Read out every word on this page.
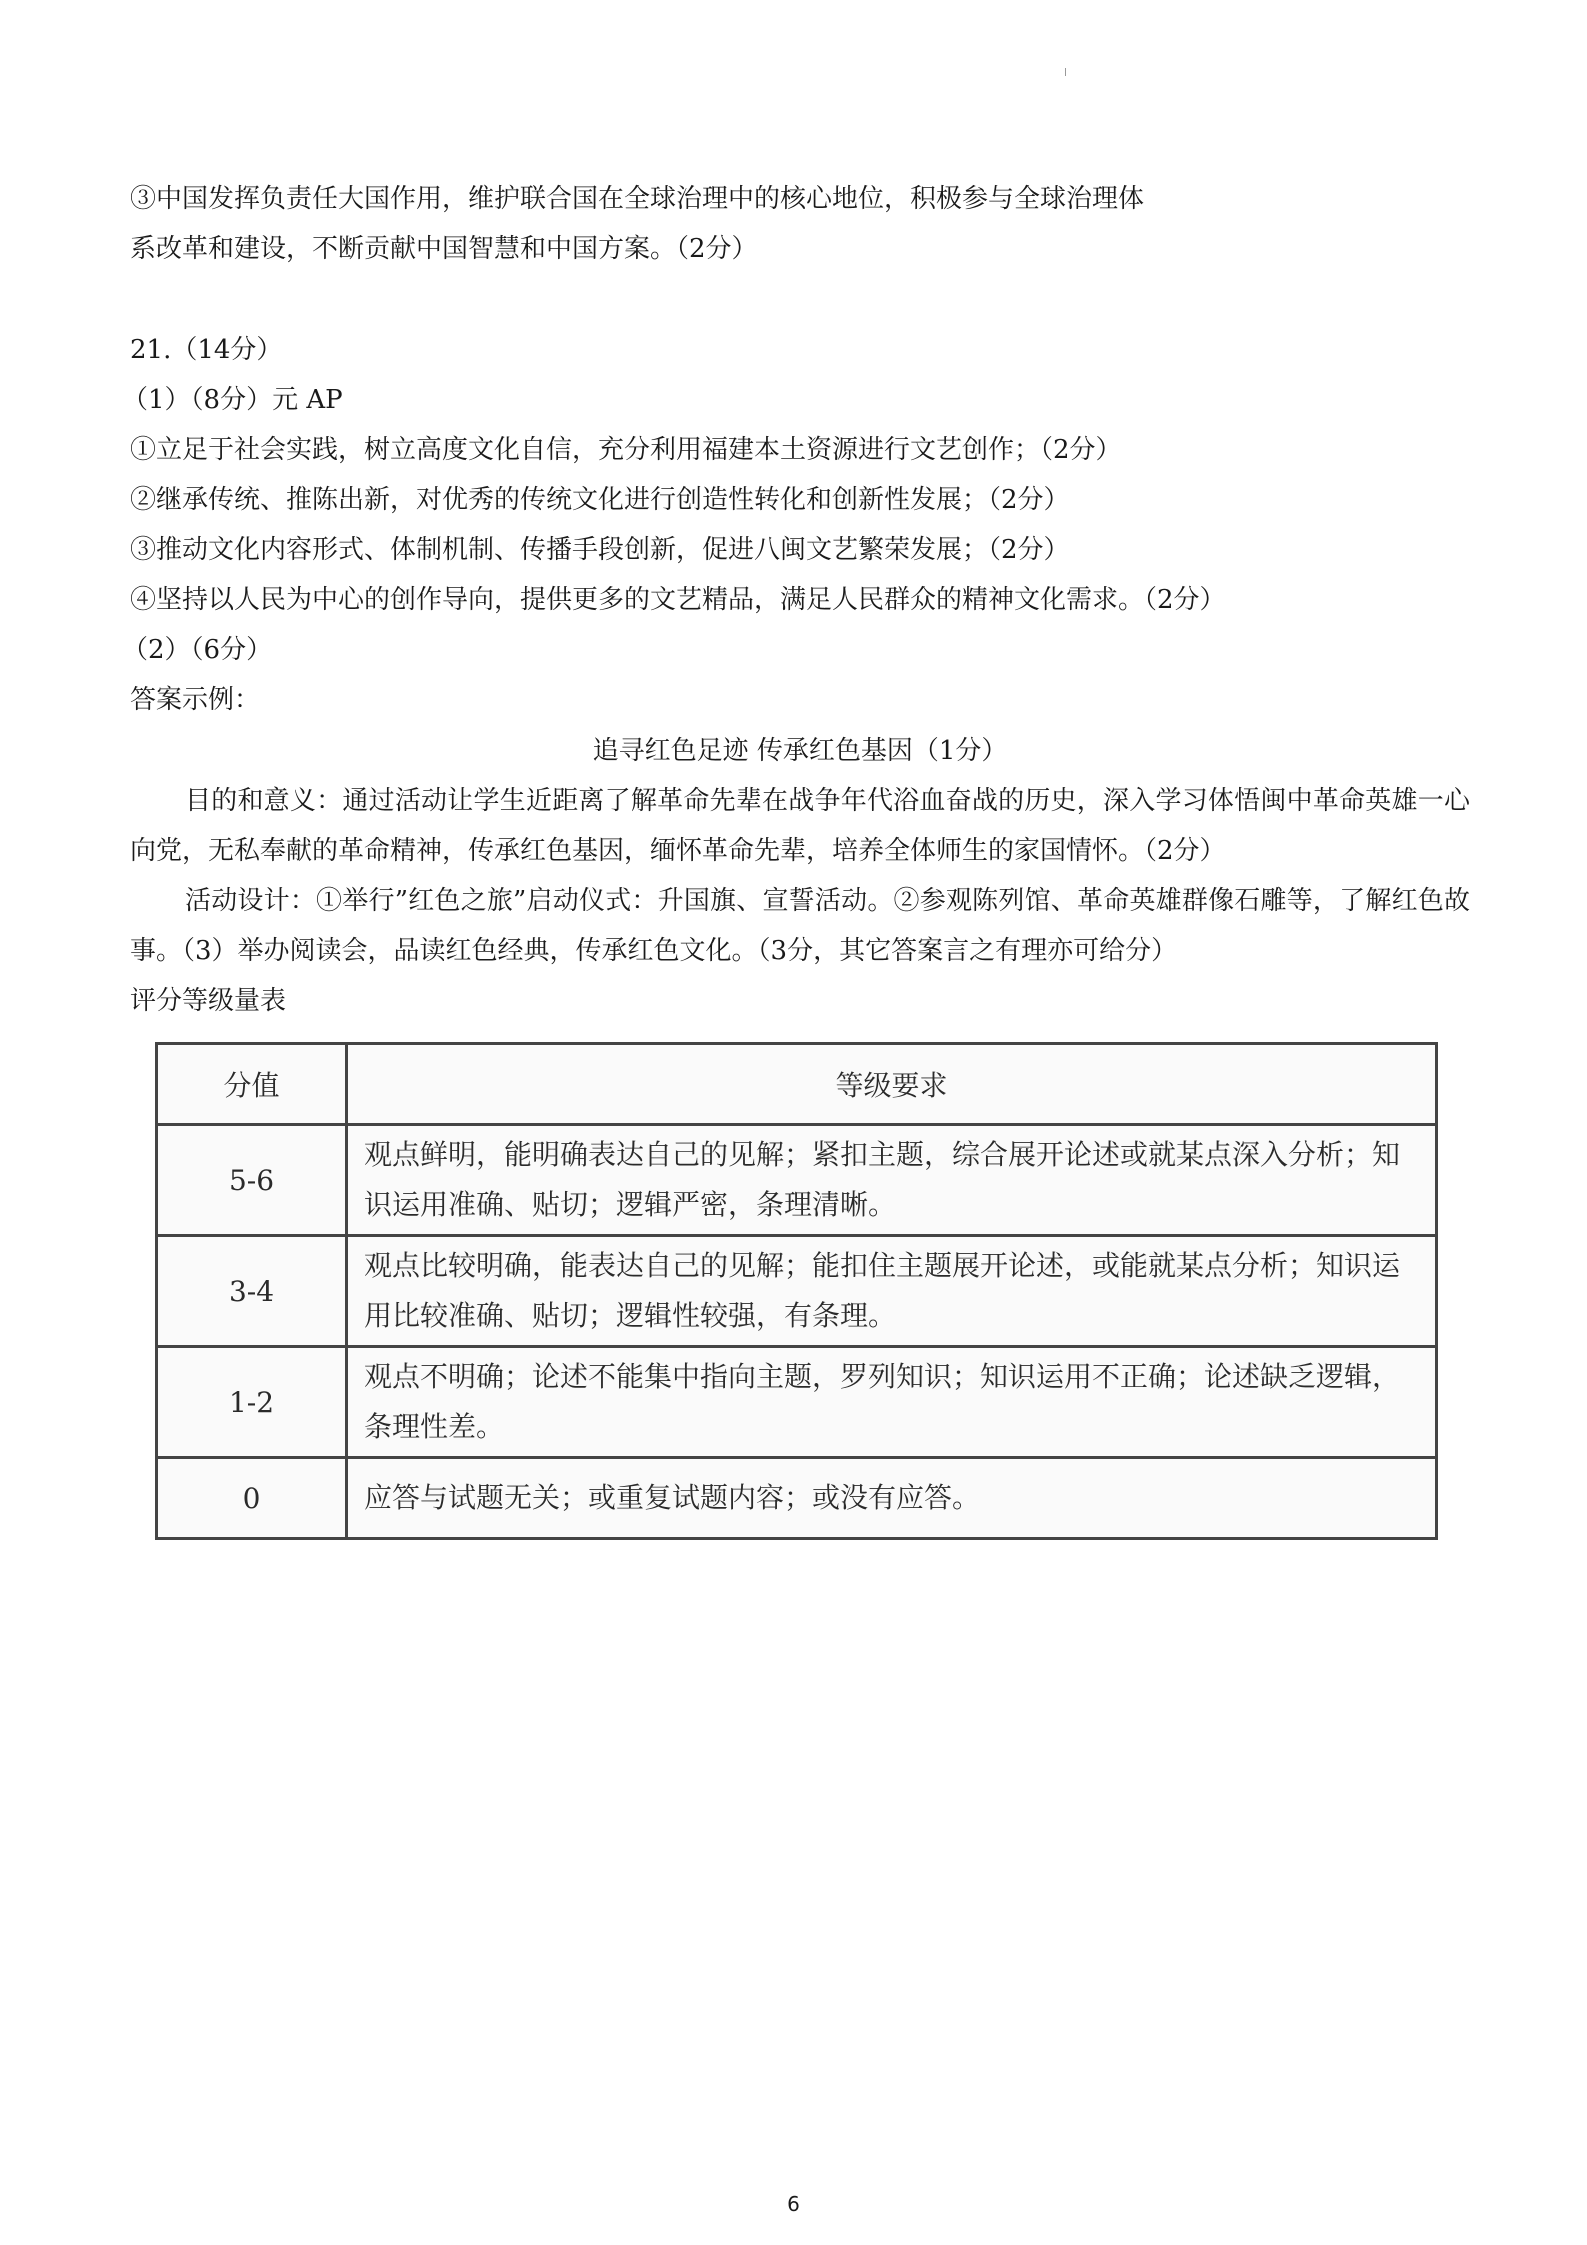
③中国发挥负责任大国作用，维护联合国在全球治理中的核心地位，积极参与全球治理体
系改革和建设，不断贡献中国智慧和中国方案。（2分）
21.（14分）
（1）（8分）元 AP
①立足于社会实践，树立高度文化自信，充分利用福建本土资源进行文艺创作；（2分）
②继承传统、推陈出新，对优秀的传统文化进行创造性转化和创新性发展；（2分）
③推动文化内容形式、体制机制、传播手段创新，促进八闽文艺繁荣发展；（2分）
④坚持以人民为中心的创作导向，提供更多的文艺精品，满足人民群众的精神文化需求。（2分）
（2）（6分）
答案示例：
追寻红色足迹 传承红色基因（1分）
目的和意义：通过活动让学生近距离了解革命先辈在战争年代浴血奋战的历史，深入学习体悟闽中革命英雄一心向党，无私奉献的革命精神，传承红色基因，缅怀革命先辈，培养全体师生的家国情怀。（2分）
活动设计：①举行”红色之旅”启动仪式：升国旗、宣誓活动。②参观陈列馆、革命英雄群像石雕等，了解红色故事。（3）举办阅读会，品读红色经典，传承红色文化。（3分，其它答案言之有理亦可给分）
评分等级量表
分值	等级要求
5-6	观点鲜明，能明确表达自己的见解；紧扣主题，综合展开论述或就某点深入分析；知识运用准确、贴切；逻辑严密，条理清晰。
3-4	观点比较明确，能表达自己的见解；能扣住主题展开论述，或能就某点分析；知识运用比较准确、贴切；逻辑性较强，有条理。
1-2	观点不明确；论述不能集中指向主题，罗列知识；知识运用不正确；论述缺乏逻辑，条理性差。
0	应答与试题无关；或重复试题内容；或没有应答。
6
